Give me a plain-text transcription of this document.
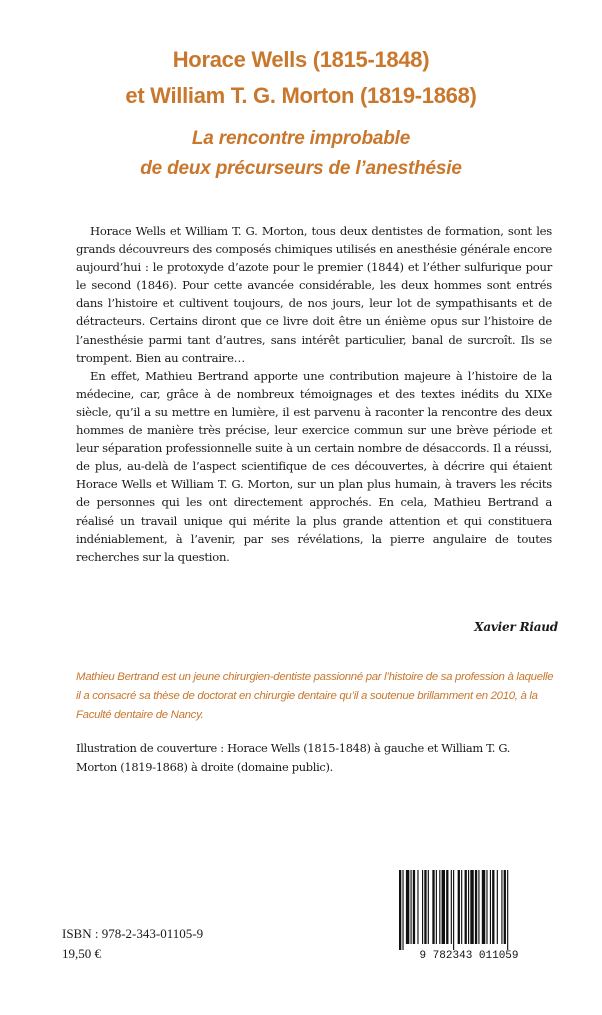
Horace Wells (1815-1848)
et William T. G. Morton (1819-1868)
La rencontre improbable
de deux précurseurs de l’anesthésie

Horace Wells et William T. G. Morton, tous deux dentistes de formation, sont les grands découvreurs des composés chimiques utilisés en anesthésie générale encore aujourd’hui : le protoxyde d’azote pour le premier (1844) et l’éther sulfurique pour le second (1846). Pour cette avancée considérable, les deux hommes sont entrés dans l’histoire et cultivent toujours, de nos jours, leur lot de sympathisants et de détracteurs. Certains diront que ce livre doit être un énième opus sur l’histoire de l’anesthésie parmi tant d’autres, sans intérêt particulier, banal de surcroît. Ils se trompent. Bien au contraire…

En effet, Mathieu Bertrand apporte une contribution majeure à l’histoire de la médecine, car, grâce à de nombreux témoignages et des textes inédits du XIXe siècle, qu’il a su mettre en lumière, il est parvenu à raconter la rencontre des deux hommes de manière très précise, leur exercice commun sur une brève période et leur séparation professionnelle suite à un certain nombre de désaccords. Il a réussi, de plus, au-delà de l’aspect scientifique de ces découvertes, à décrire qui étaient Horace Wells et William T. G. Morton, sur un plan plus humain, à travers les récits de personnes qui les ont directement approchés. En cela, Mathieu Bertrand a réalisé un travail unique qui mérite la plus grande attention et qui constituera indéniablement, à l’avenir, par ses révélations, la pierre angulaire de toutes recherches sur la question.

Xavier Riaud

Mathieu Bertrand est un jeune chirurgien-dentiste passionné par l’histoire de sa profession à laquelle il a consacré sa thèse de doctorat en chirurgie dentaire qu’il a soutenue brillamment en 2010, à la Faculté dentaire de Nancy.

Illustration de couverture : Horace Wells (1815-1848) à gauche et William T. G. Morton (1819-1868) à droite (domaine public).

ISBN : 978-2-343-01105-9
19,50 €	9 782343 011059
